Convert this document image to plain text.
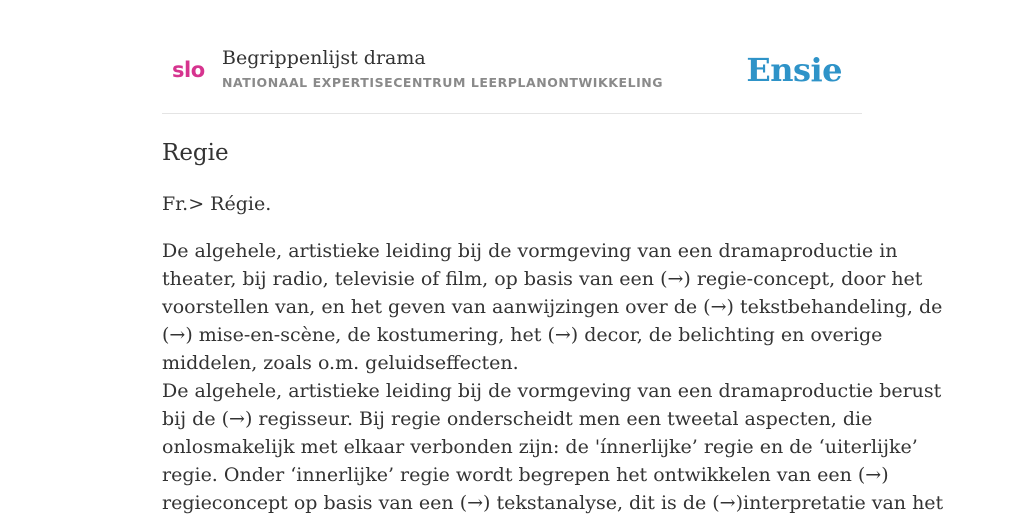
slo Begrippenlijst drama
NATIONAAL EXPERTISECENTRUM LEERPLANONTWIKKELING	Ensie
Regie

Fr.> Régie.

De algehele, artistieke leiding bij de vormgeving van een dramaproductie in
theater, bij radio, televisie of film, op basis van een (→) regie-concept, door het
voorstellen van, en het geven van aanwijzingen over de (→) tekstbehandeling, de
(→) mise-en-scène, de kostumering, het (→) decor, de belichting en overige
middelen, zoals o.m. geluidseffecten.
De algehele, artistieke leiding bij de vormgeving van een dramaproductie berust
bij de (→) regisseur. Bij regie onderscheidt men een tweetal aspecten, die
onlosmakelijk met elkaar verbonden zijn: de 'ínnerlijke’ regie en de ‘uiterlijke’
regie. Onder ‘innerlijke’ regie wordt begrepen het ontwikkelen van een (→)
regieconcept op basis van een (→) tekstanalyse, dit is de (→)interpretatie van het
